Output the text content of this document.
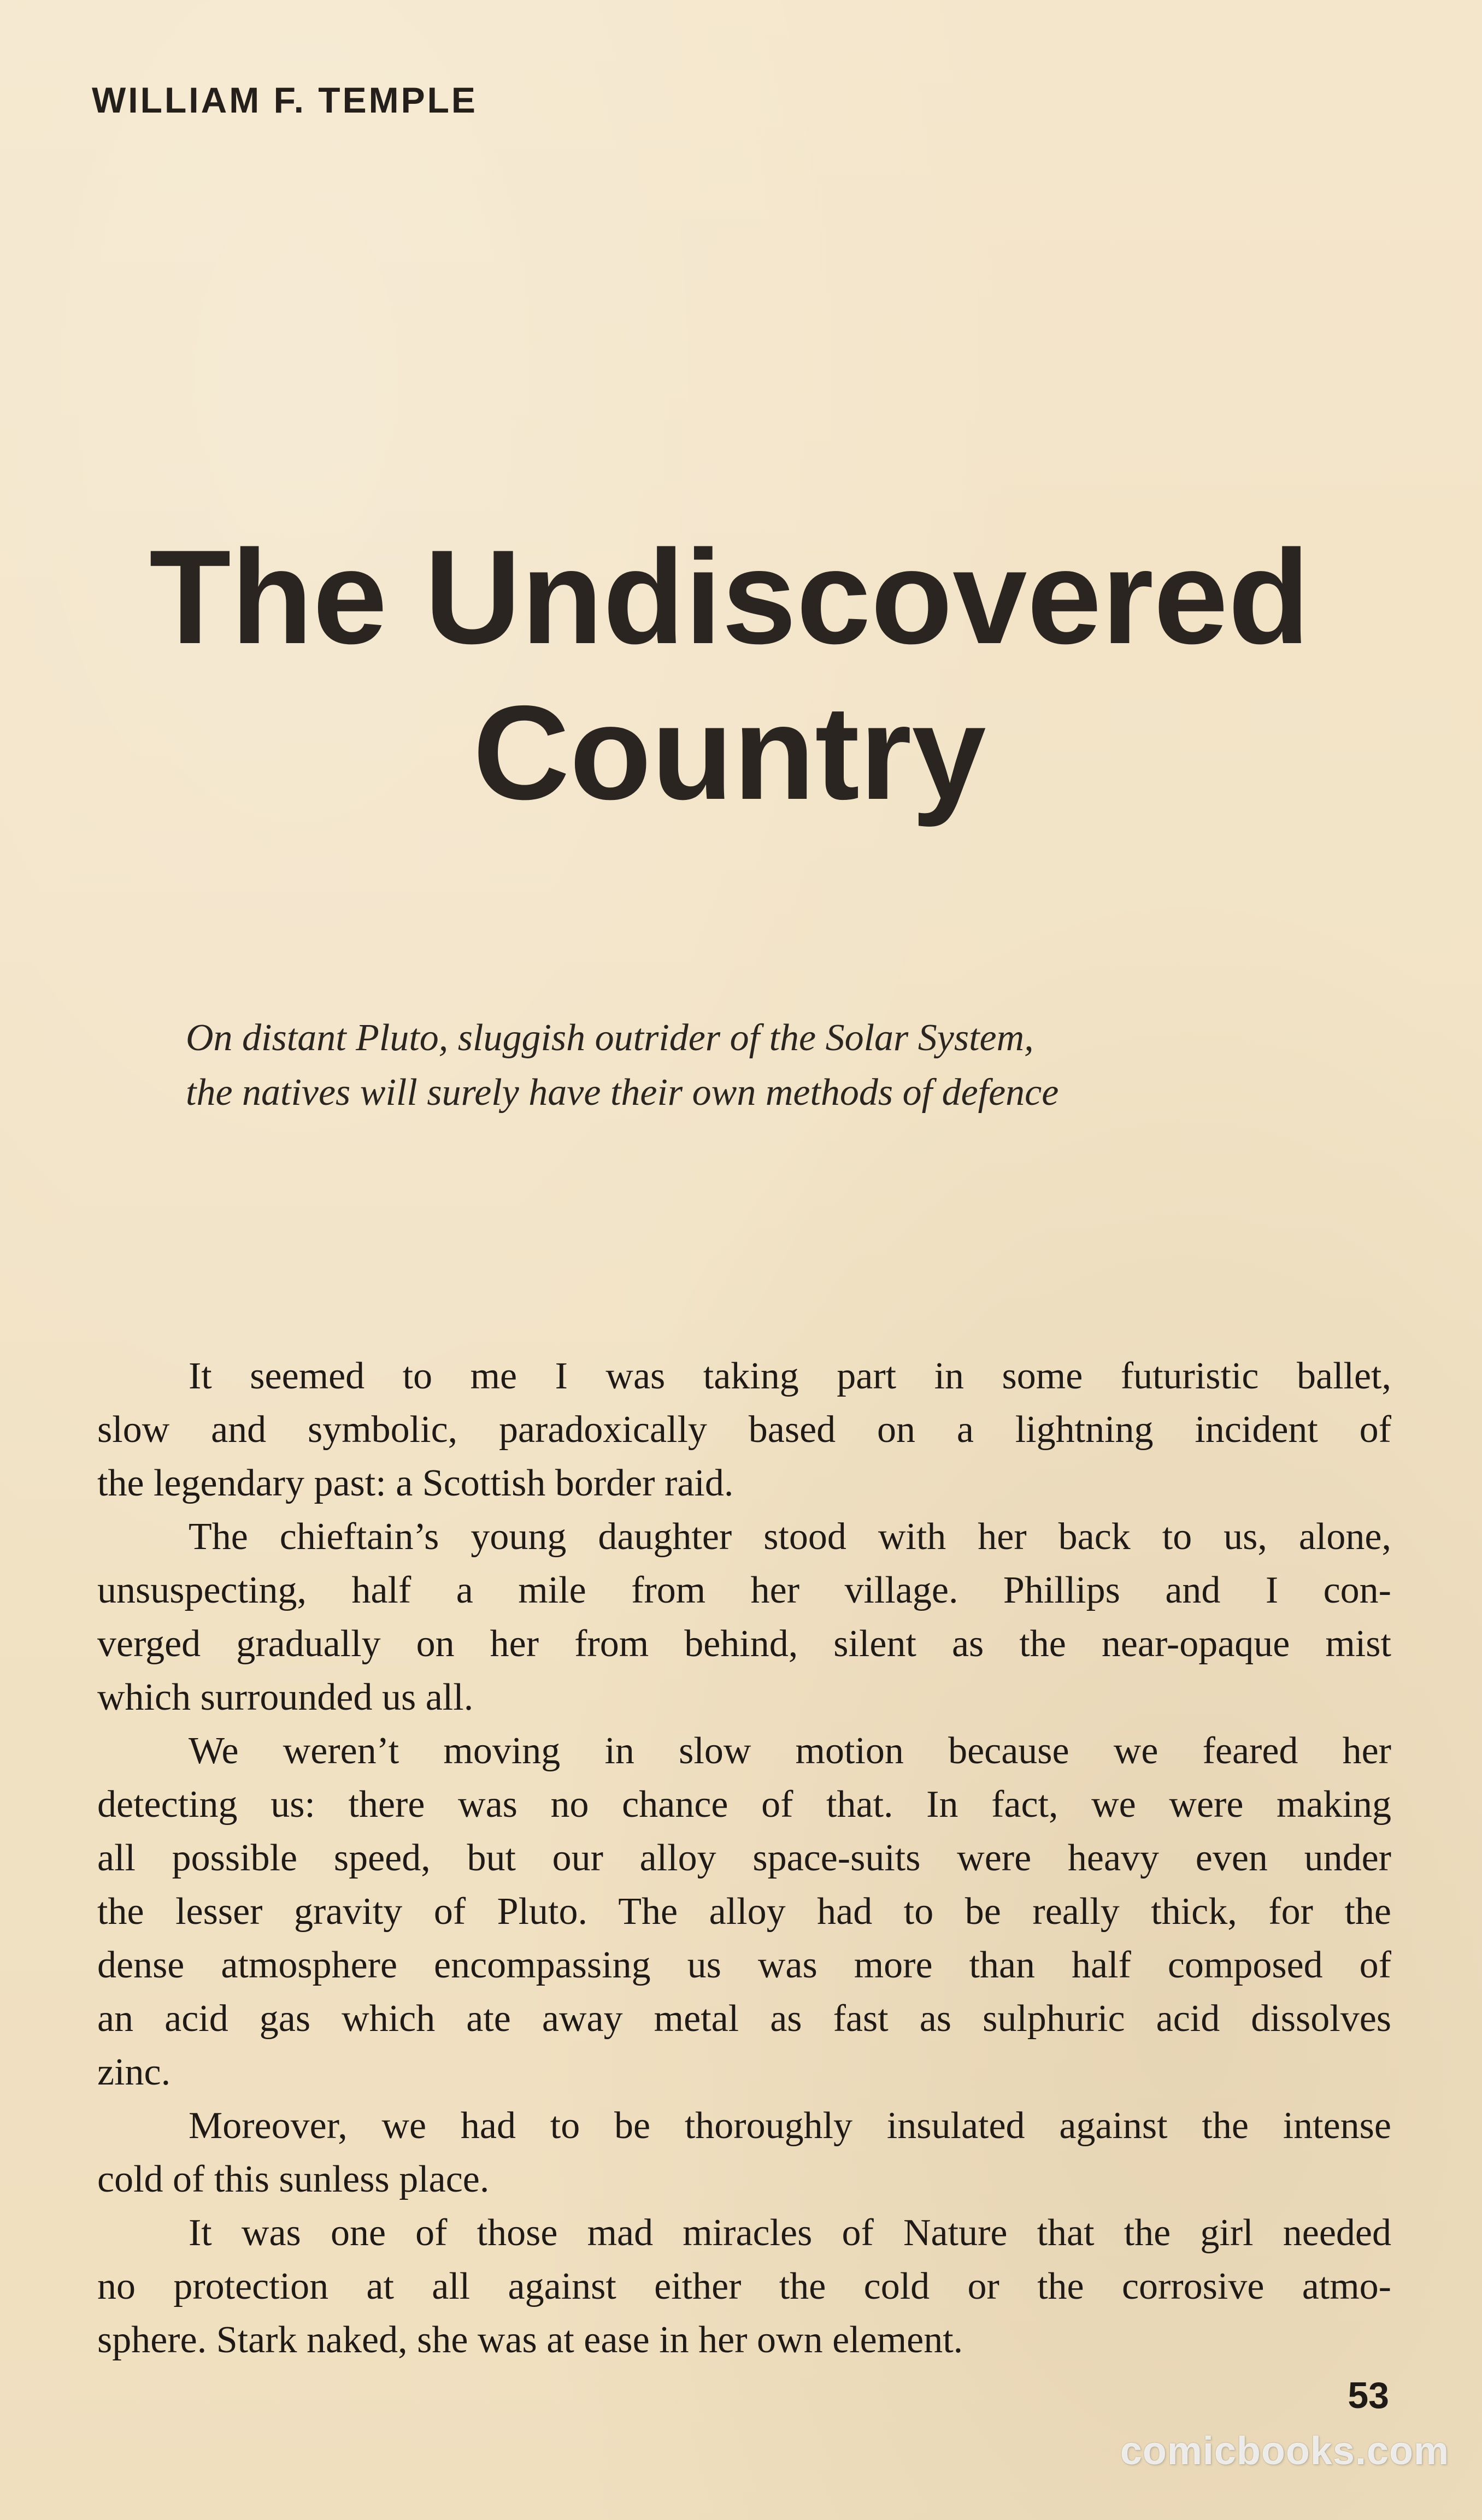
WILLIAM F. TEMPLE

The Undiscovered
Country

On distant Pluto, sluggish outrider of the Solar System,
the natives will surely have their own methods of defence

It seemed to me I was taking part in some futuristic ballet,
slow and symbolic, paradoxically based on a lightning incident of
the legendary past: a Scottish border raid.

The chieftain’s young daughter stood with her back to us, alone,
unsuspecting, half a mile from her village. Phillips and I con-
verged gradually on her from behind, silent as the near-opaque mist
which surrounded us all.

We weren’t moving in slow motion because we feared her
detecting us: there was no chance of that. In fact, we were making
all possible speed, but our alloy space-suits were heavy even under
the lesser gravity of Pluto. The alloy had to be really thick, for the
dense atmosphere encompassing us was more than half composed of
an acid gas which ate away metal as fast as sulphuric acid dissolves
zinc.

Moreover, we had to be thoroughly insulated against the intense
cold of this sunless place.

It was one of those mad miracles of Nature that the girl needed
no protection at all against either the cold or the corrosive atmo-
sphere. Stark naked, she was at ease in her own element.

53

comicbooks.com
